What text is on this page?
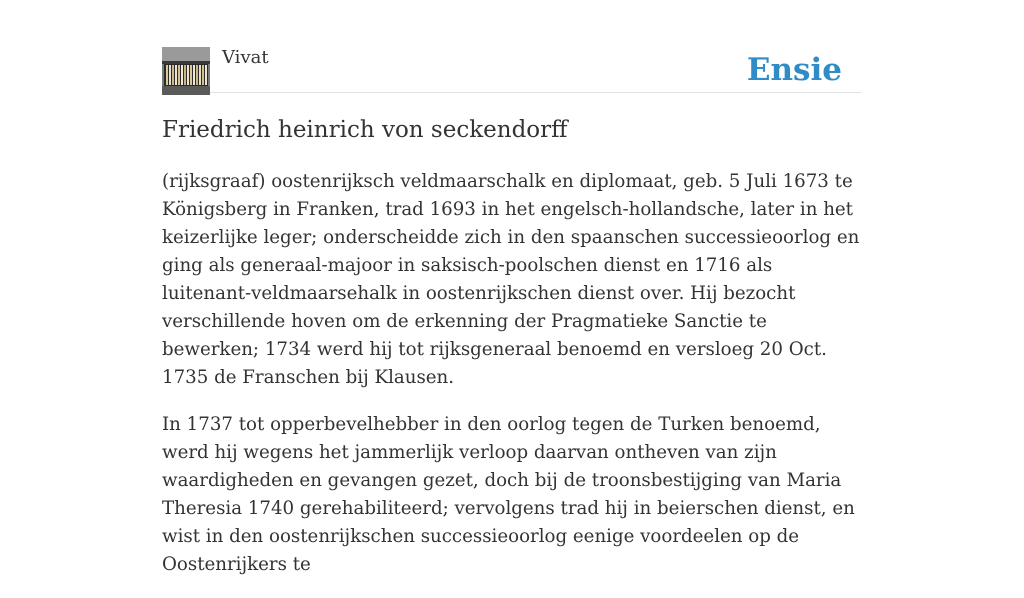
Vivat	Ensie
Friedrich heinrich von seckendorff

(rijksgraaf) oostenrijksch veldmaarschalk en diplomaat, geb. 5 Juli 1673 te Königsberg in Franken, trad 1693 in het engelsch-hollandsche, later in het keizerlijke leger; onderscheidde zich in den spaanschen successieoorlog en ging als generaal-majoor in saksisch-poolschen dienst en 1716 als luitenant-veldmaarsehalk in oostenrijkschen dienst over. Hij bezocht verschillende hoven om de erkenning der Pragmatieke Sanctie te bewerken; 1734 werd hij tot rijksgeneraal benoemd en versloeg 20 Oct. 1735 de Franschen bij Klausen.

In 1737 tot opperbevelhebber in den oorlog tegen de Turken benoemd, werd hij wegens het jammerlijk verloop daarvan ontheven van zijn waardigheden en gevangen gezet, doch bij de troonsbestijging van Maria Theresia 1740 gerehabiliteerd; vervolgens trad hij in beierschen dienst, en wist in den oostenrijkschen successieoorlog eenige voordeelen op de Oostenrijkers te
